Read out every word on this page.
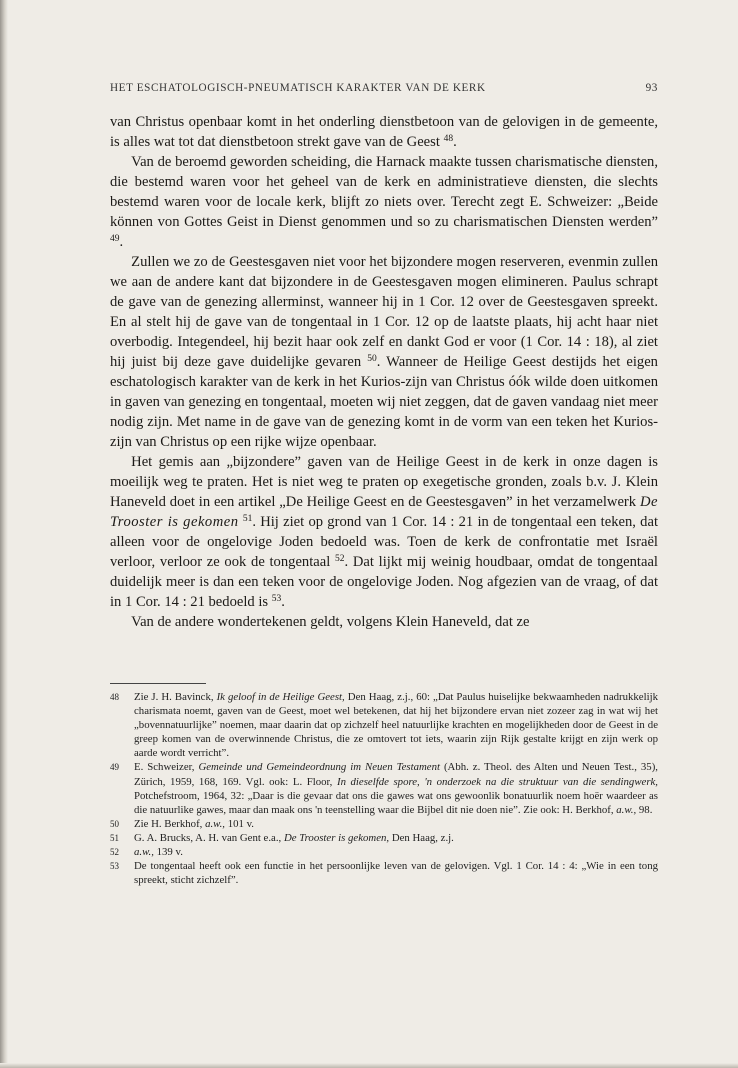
HET ESCHATOLOGISCH-PNEUMATISCH KARAKTER VAN DE KERK	93

van Christus openbaar komt in het onderling dienstbetoon van de gelovigen in de gemeente, is alles wat tot dat dienstbetoon strekt gave van de Geest $^{48}$.

Van de beroemd geworden scheiding, die Harnack maakte tussen charismatische diensten, die bestemd waren voor het geheel van de kerk en administratieve diensten, die slechts bestemd waren voor de locale kerk, blijft zo niets over. Terecht zegt E. Schweizer: „Beide können von Gottes Geist in Dienst genommen und so zu charismatischen Diensten werden” $^{49}$.

Zullen we zo de Geestesgaven niet voor het bijzondere mogen reserveren, evenmin zullen we aan de andere kant dat bijzondere in de Geestesgaven mogen elimineren. Paulus schrapt de gave van de genezing allerminst, wanneer hij in 1 Cor. 12 over de Geestesgaven spreekt. En al stelt hij de gave van de tongentaal in 1 Cor. 12 op de laatste plaats, hij acht haar niet overbodig. Integendeel, hij bezit haar ook zelf en dankt God er voor (1 Cor. 14 : 18), al ziet hij juist bij deze gave duidelijke gevaren $^{50}$. Wanneer de Heilige Geest destijds het eigen eschatologisch karakter van de kerk in het Kurios-zijn van Christus óók wilde doen uitkomen in gaven van genezing en tongentaal, moeten wij niet zeggen, dat de gaven vandaag niet meer nodig zijn. Met name in de gave van de genezing komt in de vorm van een teken het Kurios-zijn van Christus op een rijke wijze openbaar.

Het gemis aan „bijzondere” gaven van de Heilige Geest in de kerk in onze dagen is moeilijk weg te praten. Het is niet weg te praten op exegetische gronden, zoals b.v. J. Klein Haneveld doet in een artikel „De Heilige Geest en de Geestesgaven” in het verzamelwerk De Trooster is gekomen $^{51}$. Hij ziet op grond van 1 Cor. 14 : 21 in de tongentaal een teken, dat alleen voor de ongelovige Joden bedoeld was. Toen de kerk de confrontatie met Israël verloor, verloor ze ook de tongentaal $^{52}$. Dat lijkt mij weinig houdbaar, omdat de tongentaal duidelijk meer is dan een teken voor de ongelovige Joden. Nog afgezien van de vraag, of dat in 1 Cor. 14 : 21 bedoeld is $^{53}$.

Van de andere wondertekenen geldt, volgens Klein Haneveld, dat ze

48 Zie J. H. Bavinck, Ik geloof in de Heilige Geest, Den Haag, z.j., 60: „Dat Paulus huiselijke bekwaamheden nadrukkelijk charismata noemt, gaven van de Geest, moet wel betekenen, dat hij het bijzondere ervan niet zozeer zag in wat wij het „bovennatuurlijke” noemen, maar daarin dat op zichzelf heel natuurlijke krachten en mogelijkheden door de Geest in de greep komen van de overwinnende Christus, die ze omtovert tot iets, waarin zijn Rijk gestalte krijgt en zijn werk op aarde wordt verricht”.
49 E. Schweizer, Gemeinde und Gemeindeordnung im Neuen Testament (Abh. z. Theol. des Alten und Neuen Test., 35), Zürich, 1959, 168, 169. Vgl. ook: L. Floor, In dieselfde spore, 'n onderzoek na die struktuur van die sendingwerk, Potchefstroom, 1964, 32: „Daar is die gevaar dat ons die gawes wat ons gewoonlik bonatuurlik noem hoër waardeer as die natuurlike gawes, maar dan maak ons 'n teenstelling waar die Bijbel dit nie doen nie”. Zie ook: H. Berkhof, a.w., 98.
50 Zie H. Berkhof, a.w., 101 v.
51 G. A. Brucks, A. H. van Gent e.a., De Trooster is gekomen, Den Haag, z.j.
52 a.w., 139 v.
53 De tongentaal heeft ook een functie in het persoonlijke leven van de gelovigen. Vgl. 1 Cor. 14 : 4: „Wie in een tong spreekt, sticht zichzelf”.
